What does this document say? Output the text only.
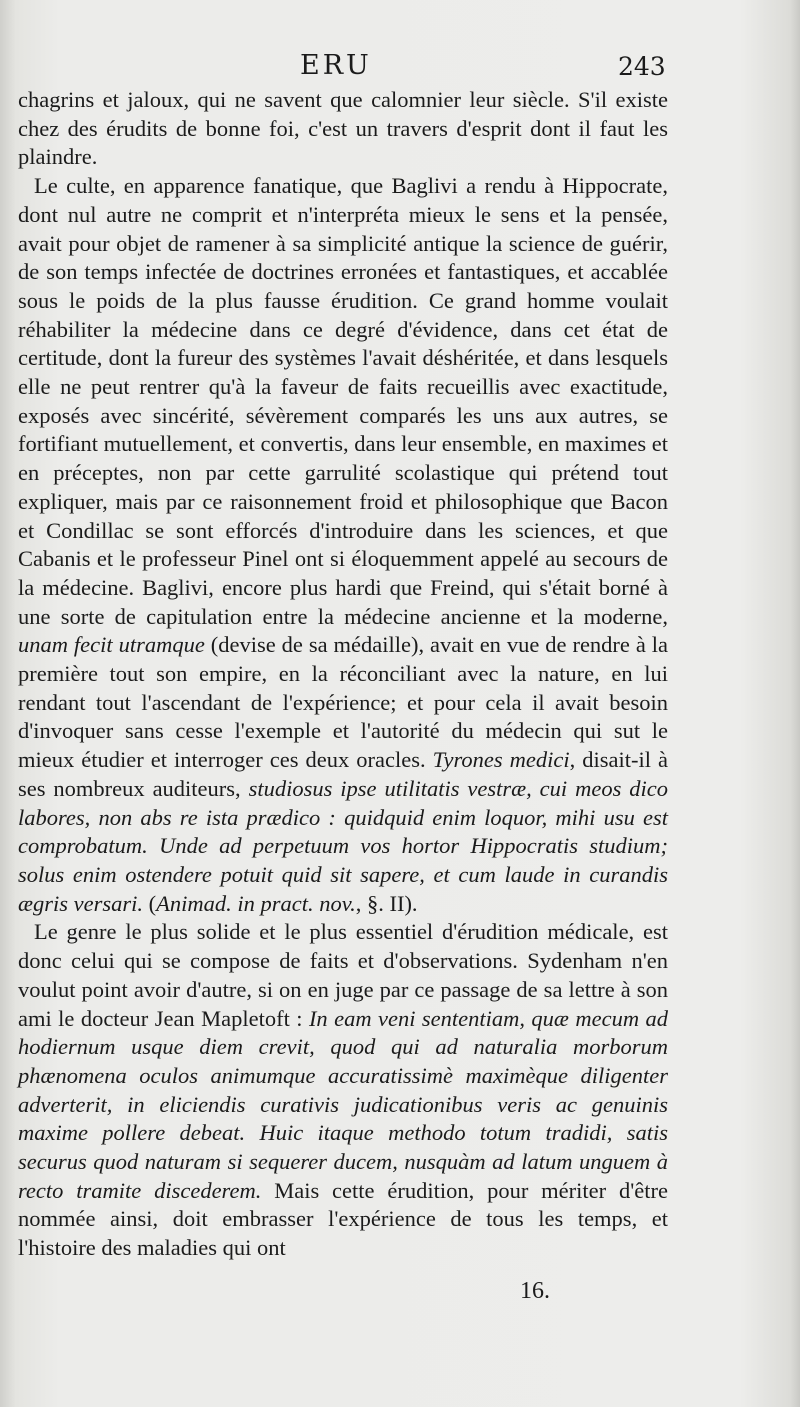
ERU	243

chagrins et jaloux, qui ne savent que calomnier leur siècle. S'il existe chez des érudits de bonne foi, c'est un travers d'esprit dont il faut les plaindre.

Le culte, en apparence fanatique, que Baglivi a rendu à Hippocrate, dont nul autre ne comprit et n'interpréta mieux le sens et la pensée, avait pour objet de ramener à sa simplicité antique la science de guérir, de son temps infectée de doctrines erronées et fantastiques, et accablée sous le poids de la plus fausse érudition. Ce grand homme voulait réhabiliter la médecine dans ce degré d'évidence, dans cet état de certitude, dont la fureur des systèmes l'avait déshéritée, et dans lesquels elle ne peut rentrer qu'à la faveur de faits recueillis avec exactitude, exposés avec sincérité, sévèrement comparés les uns aux autres, se fortifiant mutuellement, et convertis, dans leur ensemble, en maximes et en préceptes, non par cette garrulité scolastique qui prétend tout expliquer, mais par ce raisonnement froid et philosophique que Bacon et Condillac se sont efforcés d'introduire dans les sciences, et que Cabanis et le professeur Pinel ont si éloquemment appelé au secours de la médecine. Baglivi, encore plus hardi que Freind, qui s'était borné à une sorte de capitulation entre la médecine ancienne et la moderne, unam fecit utramque (devise de sa médaille), avait en vue de rendre à la première tout son empire, en la réconciliant avec la nature, en lui rendant tout l'ascendant de l'expérience; et pour cela il avait besoin d'invoquer sans cesse l'exemple et l'autorité du médecin qui sut le mieux étudier et interroger ces deux oracles. Tyrones medici, disait-il à ses nombreux auditeurs, studiosus ipse utilitatis vestræ, cui meos dico labores, non abs re ista prædico : quidquid enim loquor, mihi usu est comprobatum. Unde ad perpetuum vos hortor Hippocratis studium; solus enim ostendere potuit quid sit sapere, et cum laude in curandis ægris versari. (Animad. in pract. nov., §. II).

Le genre le plus solide et le plus essentiel d'érudition médicale, est donc celui qui se compose de faits et d'observations. Sydenham n'en voulut point avoir d'autre, si on en juge par ce passage de sa lettre à son ami le docteur Jean Mapletoft : In eam veni sententiam, quæ mecum ad hodiernum usque diem crevit, quod qui ad naturalia morborum phænomena oculos animumque accuratissimè maximèque diligenter adverterit, in eliciendis curativis judicationibus veris ac genuinis maxime pollere debeat. Huic itaque methodo totum tradidi, satis securus quod naturam si sequerer ducem, nusquàm ad latum unguem à recto tramite discederem. Mais cette érudition, pour mériter d'être nommée ainsi, doit embrasser l'expérience de tous les temps, et l'histoire des maladies qui ont

16.
